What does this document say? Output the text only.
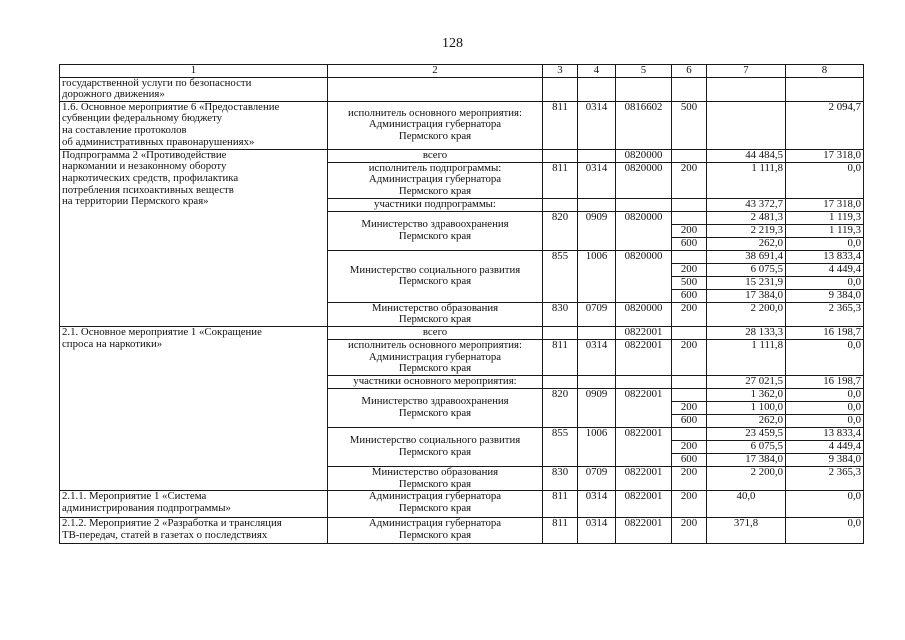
128
1	2	3	4	5	6	7	8
государственной услуги по безопасности
дорожного движения»							
1.6. Основное мероприятие 6 «Предоставление
субвенции федеральному бюджету
на составление протоколов
об административных правонарушениях»	исполнитель основного мероприятия:
Администрация губернатора
Пермского края	811	0314	0816602	500		2 094,7
Подпрограмма 2 «Противодействие
наркомании и незаконному обороту
наркотических средств, профилактика
потребления психоактивных веществ
на территории Пермского края»	всего			0820000		44 484,5	17 318,0
	исполнитель подпрограммы:
Администрация губернатора
Пермского края	811	0314	0820000	200	1 111,8	0,0
	участники подпрограммы:					43 372,7	17 318,0
	Министерство здравоохранения
Пермского края	820	0909	0820000		2 481,3	1 119,3
					200	2 219,3	1 119,3
					600	262,0	0,0
	Министерство социального развития
Пермского края	855	1006	0820000		38 691,4	13 833,4
					200	6 075,5	4 449,4
					500	15 231,9	0,0
					600	17 384,0	9 384,0
	Министерство образования
Пермского края	830	0709	0820000	200	2 200,0	2 365,3
2.1. Основное мероприятие 1 «Сокращение
спроса на наркотики»	всего			0822001		28 133,3	16 198,7
	исполнитель основного мероприятия:
Администрация губернатора
Пермского края	811	0314	0822001	200	1 111,8	0,0
	участники основного мероприятия:					27 021,5	16 198,7
	Министерство здравоохранения
Пермского края	820	0909	0822001		1 362,0	0,0
					200	1 100,0	0,0
					600	262,0	0,0
	Министерство социального развития
Пермского края	855	1006	0822001		23 459,5	13 833,4
					200	6 075,5	4 449,4
					600	17 384,0	9 384,0
	Министерство образования
Пермского края	830	0709	0822001	200	2 200,0	2 365,3
2.1.1. Мероприятие 1 «Система
администрирования подпрограммы»	Администрация губернатора
Пермского края	811	0314	0822001	200	40,0	0,0
2.1.2. Мероприятие 2 «Разработка и трансляция
ТВ-передач, статей в газетах о последствиях	Администрация губернатора
Пермского края	811	0314	0822001	200	371,8	0,0
